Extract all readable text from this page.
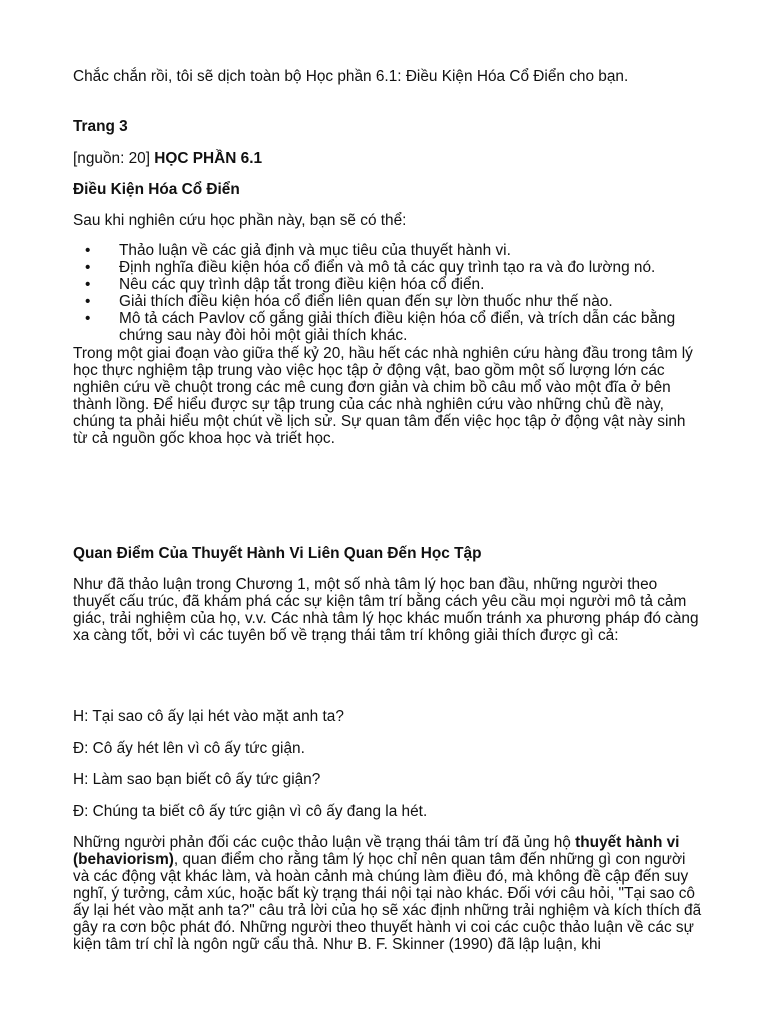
Chắc chắn rồi, tôi sẽ dịch toàn bộ Học phần 6.1: Điều Kiện Hóa Cổ Điển cho bạn.
Trang 3
[nguồn: 20] HỌC PHẦN 6.1
Điều Kiện Hóa Cổ Điển
Sau khi nghiên cứu học phần này, bạn sẽ có thể:
• Thảo luận về các giả định và mục tiêu của thuyết hành vi.
• Định nghĩa điều kiện hóa cổ điển và mô tả các quy trình tạo ra và đo lường nó.
• Nêu các quy trình dập tắt trong điều kiện hóa cổ điển.
• Giải thích điều kiện hóa cổ điển liên quan đến sự lờn thuốc như thế nào.
• Mô tả cách Pavlov cố gắng giải thích điều kiện hóa cổ điển, và trích dẫn các bằng chứng sau này đòi hỏi một giải thích khác.
Trong một giai đoạn vào giữa thế kỷ 20, hầu hết các nhà nghiên cứu hàng đầu trong tâm lý học thực nghiệm tập trung vào việc học tập ở động vật, bao gồm một số lượng lớn các nghiên cứu về chuột trong các mê cung đơn giản và chim bồ câu mổ vào một đĩa ở bên thành lồng. Để hiểu được sự tập trung của các nhà nghiên cứu vào những chủ đề này, chúng ta phải hiểu một chút về lịch sử. Sự quan tâm đến việc học tập ở động vật này sinh từ cả nguồn gốc khoa học và triết học.
Quan Điểm Của Thuyết Hành Vi Liên Quan Đến Học Tập
Như đã thảo luận trong Chương 1, một số nhà tâm lý học ban đầu, những người theo thuyết cấu trúc, đã khám phá các sự kiện tâm trí bằng cách yêu cầu mọi người mô tả cảm giác, trải nghiệm của họ, v.v. Các nhà tâm lý học khác muốn tránh xa phương pháp đó càng xa càng tốt, bởi vì các tuyên bố về trạng thái tâm trí không giải thích được gì cả:
H: Tại sao cô ấy lại hét vào mặt anh ta?
Đ: Cô ấy hét lên vì cô ấy tức giận.
H: Làm sao bạn biết cô ấy tức giận?
Đ: Chúng ta biết cô ấy tức giận vì cô ấy đang la hét.
Những người phản đối các cuộc thảo luận về trạng thái tâm trí đã ủng hộ thuyết hành vi (behaviorism), quan điểm cho rằng tâm lý học chỉ nên quan tâm đến những gì con người và các động vật khác làm, và hoàn cảnh mà chúng làm điều đó, mà không đề cập đến suy nghĩ, ý tưởng, cảm xúc, hoặc bất kỳ trạng thái nội tại nào khác. Đối với câu hỏi, "Tại sao cô ấy lại hét vào mặt anh ta?" câu trả lời của họ sẽ xác định những trải nghiệm và kích thích đã gây ra cơn bộc phát đó. Những người theo thuyết hành vi coi các cuộc thảo luận về các sự kiện tâm trí chỉ là ngôn ngữ cẩu thả. Như B. F. Skinner (1990) đã lập luận, khi
